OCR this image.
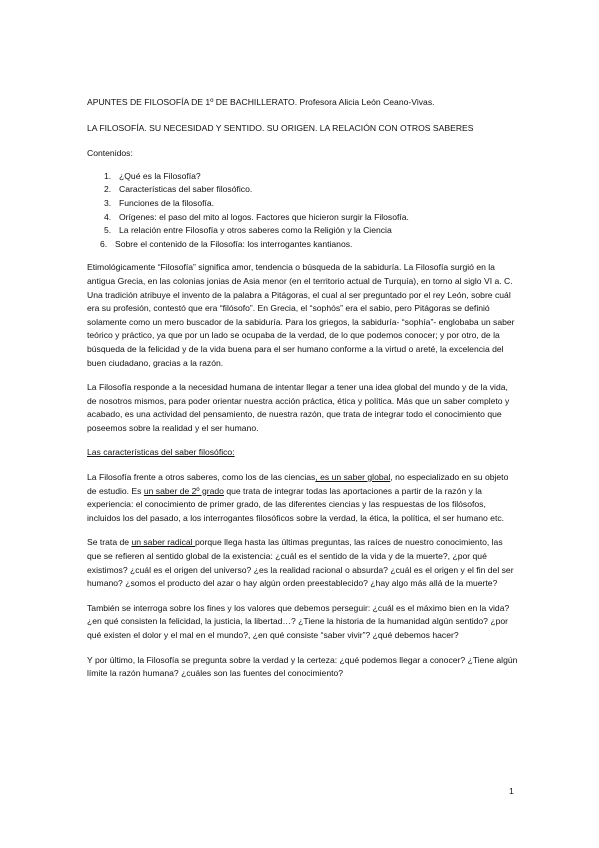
APUNTES DE FILOSOFÍA DE 1º DE BACHILLERATO. Profesora Alicia León Ceano-Vivas.
LA FILOSOFÍA. SU NECESIDAD Y SENTIDO. SU ORIGEN. LA RELACIÓN CON OTROS SABERES
Contenidos:
1. ¿Qué es la Filosofía?
2. Características del saber filosófico.
3. Funciones de la filosofía.
4. Orígenes: el paso del mito al logos. Factores que hicieron surgir la Filosofía.
5. La relación entre Filosofía y otros saberes como la Religión y la Ciencia
6. Sobre el contenido de la Filosofía: los interrogantes kantianos.

Etimológicamente “Filosofía” significa amor, tendencia o búsqueda de la sabiduría. La Filosofía surgió en la antigua Grecia, en las colonias jonias de Asia menor (en el territorio actual de Turquía), en torno al siglo VI a. C. Una tradición atribuye el invento de la palabra a Pitágoras, el cual al ser preguntado por el rey León, sobre cuál era su profesión, contestó que era “filósofo”. En Grecia, el “sophós” era el sabio, pero Pitágoras se definió solamente como un mero buscador de la sabiduría. Para los griegos, la sabiduría- “sophía”- englobaba un saber teórico y práctico, ya que por un lado se ocupaba de la verdad, de lo que podemos conocer; y por otro, de la búsqueda de la felicidad y de la vida buena para el ser humano conforme a la virtud o areté, la excelencia del buen ciudadano, gracias a la razón.

La Filosofía responde a la necesidad humana de intentar llegar a tener una idea global del mundo y de la vida, de nosotros mismos, para poder orientar nuestra acción práctica, ética y política. Más que un saber completo y acabado, es una actividad del pensamiento, de nuestra razón, que trata de integrar todo el conocimiento que poseemos sobre la realidad y el ser humano.

Las características del saber filosófico:

La Filosofía frente a otros saberes, como los de las ciencias, es un saber global, no especializado en su objeto de estudio. Es un saber de 2º grado que trata de integrar todas las aportaciones a partir de la razón y la experiencia: el conocimiento de primer grado, de las diferentes ciencias y las respuestas de los filósofos, incluidos los del pasado, a los interrogantes filosóficos sobre la verdad, la ética, la política, el ser humano etc.

Se trata de un saber radical porque llega hasta las últimas preguntas, las raíces de nuestro conocimiento, las que se refieren al sentido global de la existencia: ¿cuál es el sentido de la vida y de la muerte?, ¿por qué existimos? ¿cuál es el origen del universo? ¿es la realidad racional o absurda? ¿cuál es el origen y el fin del ser humano? ¿somos el producto del azar o hay algún orden preestablecido? ¿hay algo más allá de la muerte?

También se interroga sobre los fines y los valores que debemos perseguir: ¿cuál es el máximo bien en la vida? ¿en qué consisten la felicidad, la justicia, la libertad…? ¿Tiene la historia de la humanidad algún sentido? ¿por qué existen el dolor y el mal en el mundo?, ¿en qué consiste “saber vivir”? ¿qué debemos hacer?

Y por último, la Filosofía se pregunta sobre la verdad y la certeza: ¿qué podemos llegar a conocer? ¿Tiene algún límite la razón humana? ¿cuáles son las fuentes del conocimiento?

1
